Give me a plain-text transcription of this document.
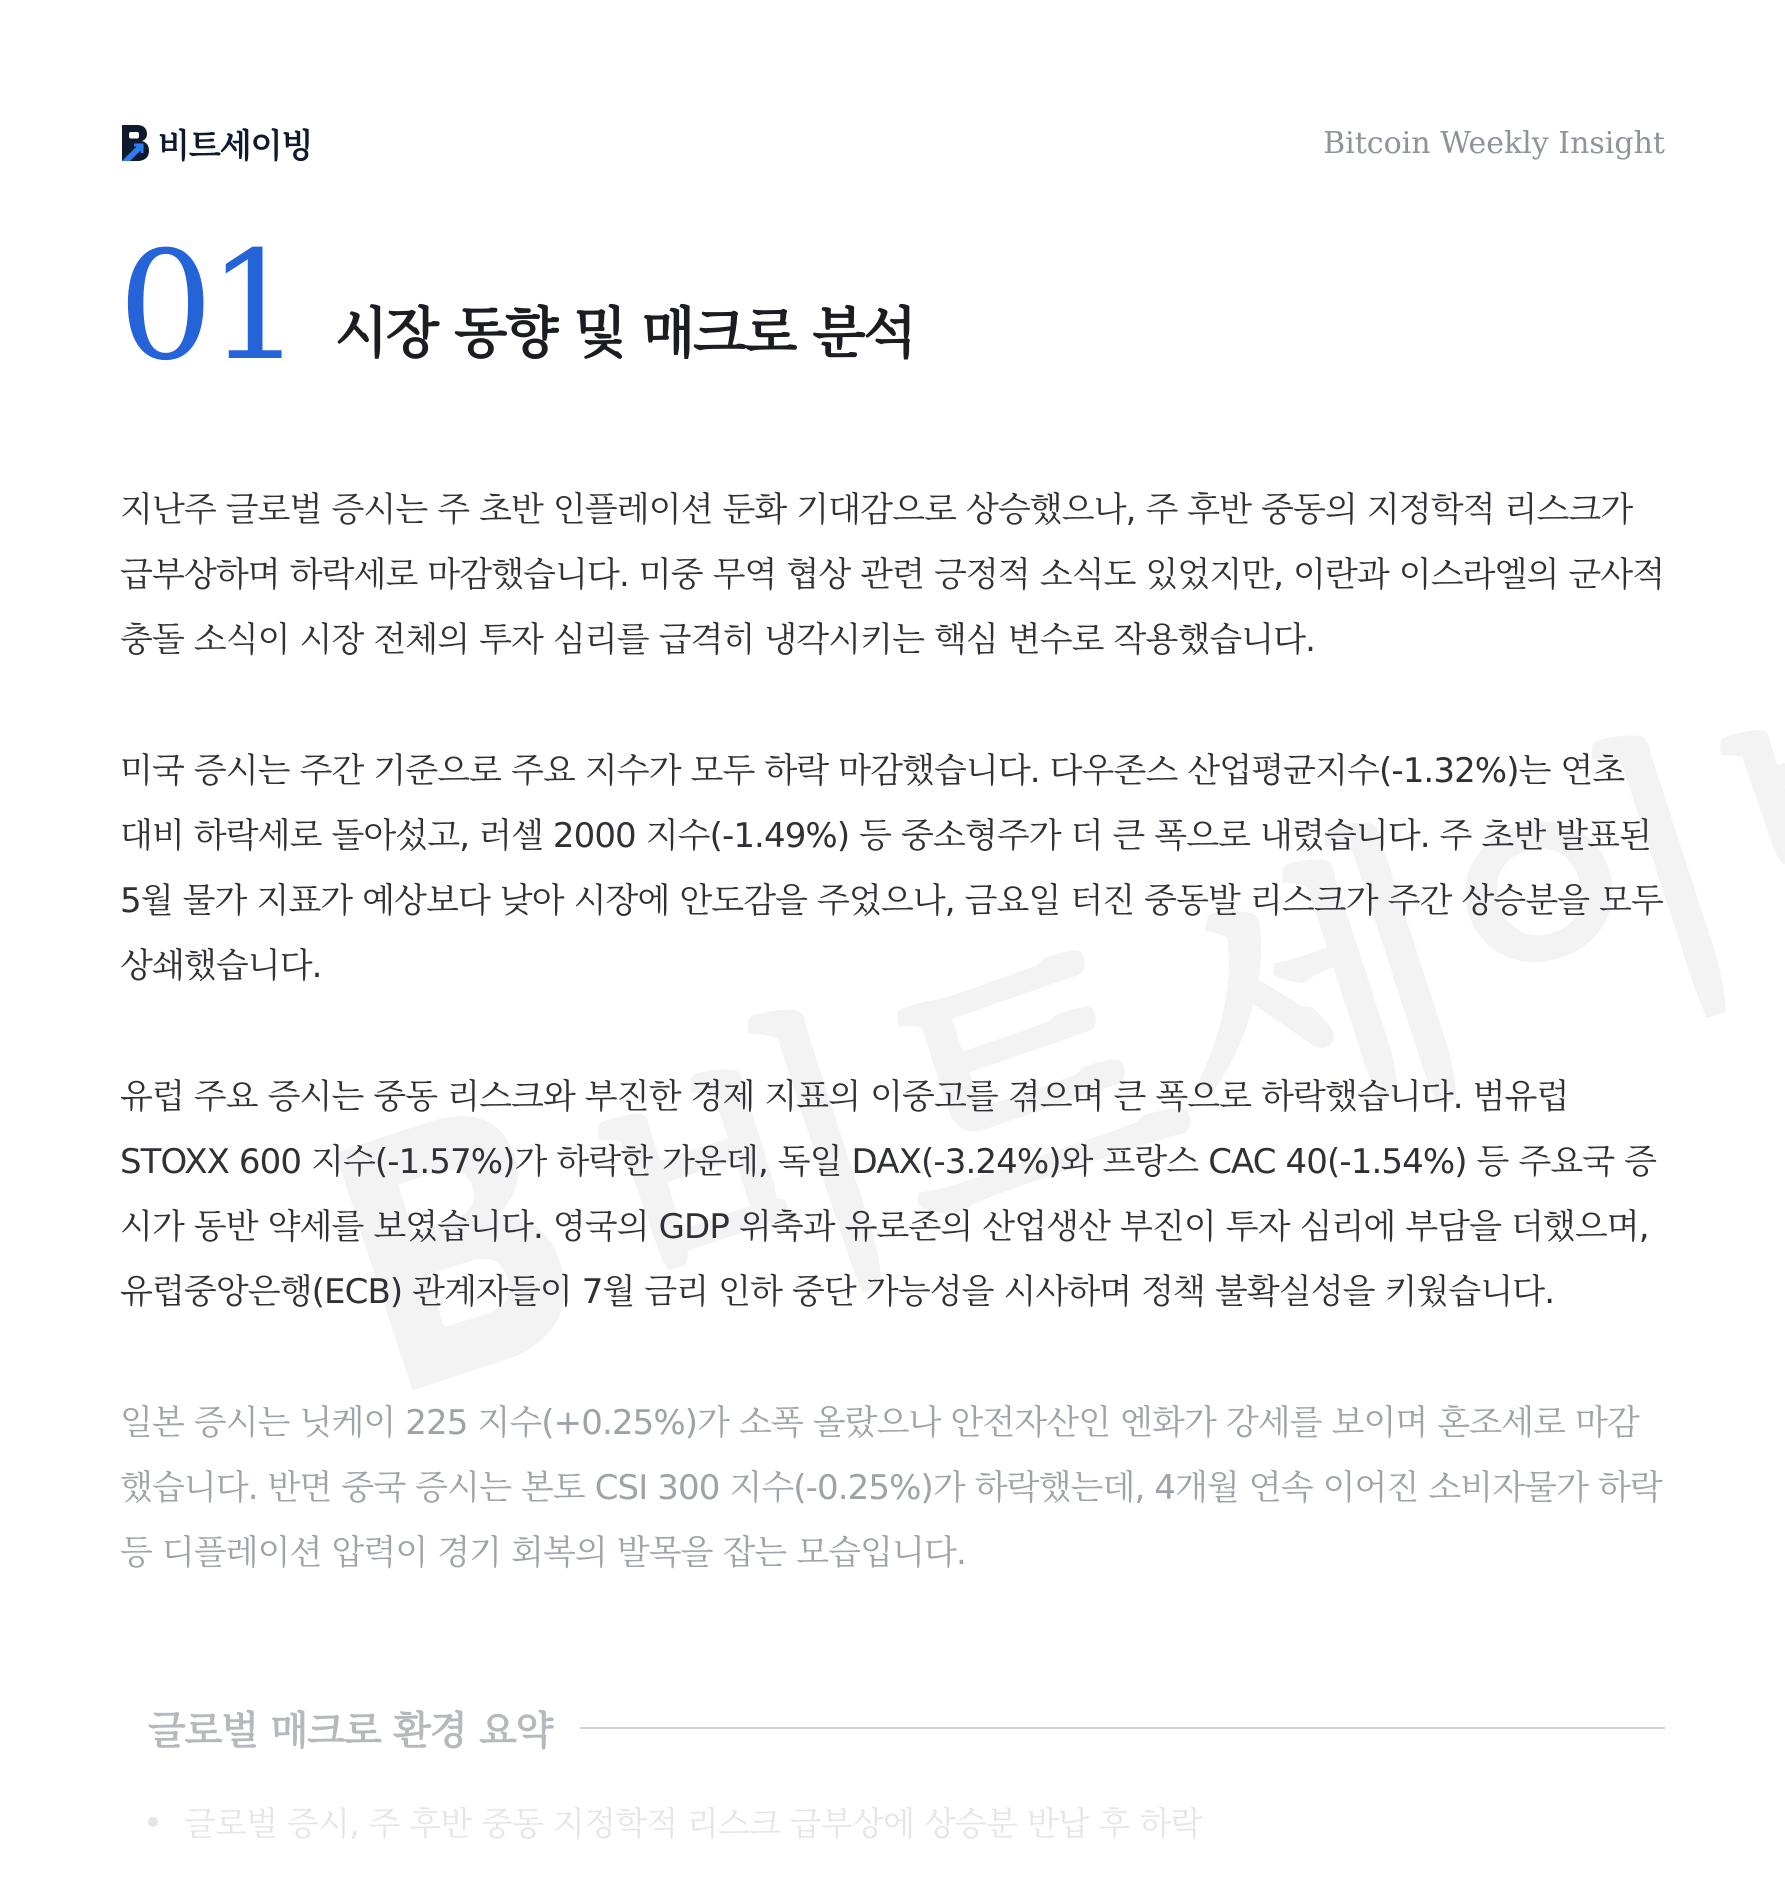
비트세이빙	Bitcoin Weekly Insight
01 시장 동향 및 매크로 분석

지난주 글로벌 증시는 주 초반 인플레이션 둔화 기대감으로 상승했으나, 주 후반 중동의 지정학적 리스크가 급부상하며 하락세로 마감했습니다. 미중 무역 협상 관련 긍정적 소식도 있었지만, 이란과 이스라엘의 군사적 충돌 소식이 시장 전체의 투자 심리를 급격히 냉각시키는 핵심 변수로 작용했습니다.

미국 증시는 주간 기준으로 주요 지수가 모두 하락 마감했습니다. 다우존스 산업평균지수(-1.32%)는 연초 대비 하락세로 돌아섰고, 러셀 2000 지수(-1.49%) 등 중소형주가 더 큰 폭으로 내렸습니다. 주 초반 발표된 5월 물가 지표가 예상보다 낮아 시장에 안도감을 주었으나, 금요일 터진 중동발 리스크가 주간 상승분을 모두 상쇄했습니다.

유럽 주요 증시는 중동 리스크와 부진한 경제 지표의 이중고를 겪으며 큰 폭으로 하락했습니다. 범유럽 STOXX 600 지수(-1.57%)가 하락한 가운데, 독일 DAX(-3.24%)와 프랑스 CAC 40(-1.54%) 등 주요국 증시가 동반 약세를 보였습니다. 영국의 GDP 위축과 유로존의 산업생산 부진이 투자 심리에 부담을 더했으며, 유럽중앙은행(ECB) 관계자들이 7월 금리 인하 중단 가능성을 시사하며 정책 불확실성을 키웠습니다.

일본 증시는 닛케이 225 지수(+0.25%)가 소폭 올랐으나 안전자산인 엔화가 강세를 보이며 혼조세로 마감했습니다. 반면 중국 증시는 본토 CSI 300 지수(-0.25%)가 하락했는데, 4개월 연속 이어진 소비자물가 하락 등 디플레이션 압력이 경기 회복의 발목을 잡는 모습입니다.

글로벌 매크로 환경 요약
글로벌 증시, 주 후반 중동 지정학적 리스크 급부상에 상승분 반납 후 하락
